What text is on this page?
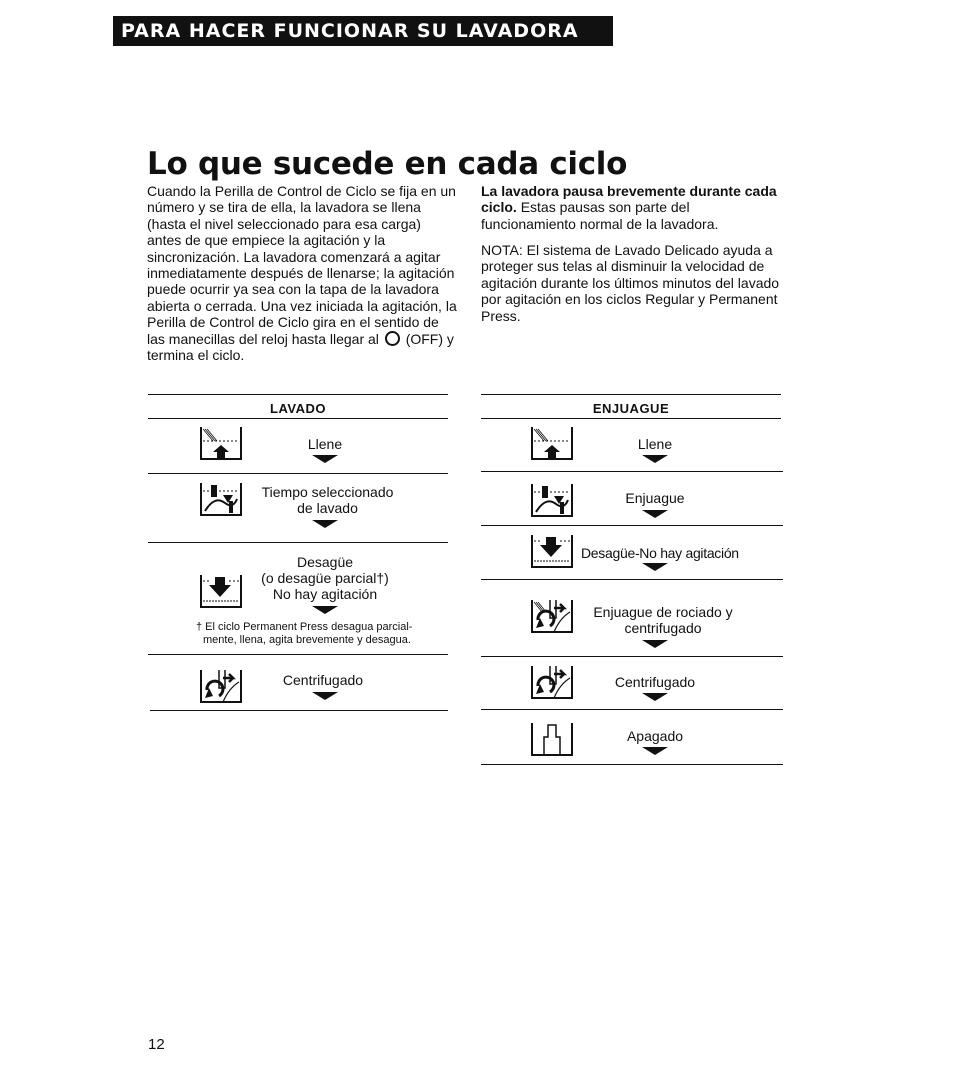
PARA HACER FUNCIONAR SU LAVADORA
Lo que sucede en cada ciclo
Cuando la Perilla de Control de Ciclo se fija en un número y se tira de ella, la lavadora se llena (hasta el nivel seleccionado para esa carga) antes de que empiece la agitación y la sincronización. La lavadora comenzará a agitar inmediatamente después de llenarse; la agitación puede ocurrir ya sea con la tapa de la lavadora abierta o cerrada. Una vez iniciada la agitación, la Perilla de Control de Ciclo gira en el sentido de las manecillas del reloj hasta llegar al (OFF) y termina el ciclo.
La lavadora pausa brevemente durante cada ciclo. Estas pausas son parte del funcionamiento normal de la lavadora.
NOTA: El sistema de Lavado Delicado ayuda a proteger sus telas al disminuir la velocidad de agitación durante los últimos minutos del lavado por agitación en los ciclos Regular y Permanent Press.
LAVADO
Llene
Tiempo seleccionado
de lavado
Desagüe
(o desagüe parcial†)
No hay agitación
† El ciclo Permanent Press desagua parcial-
mente, llena, agita brevemente y desagua.
Centrifugado
ENJUAGUE
Llene
Enjuague
Desagüe-No hay agitación
Enjuague de rociado y
centrifugado
Centrifugado
Apagado
12
